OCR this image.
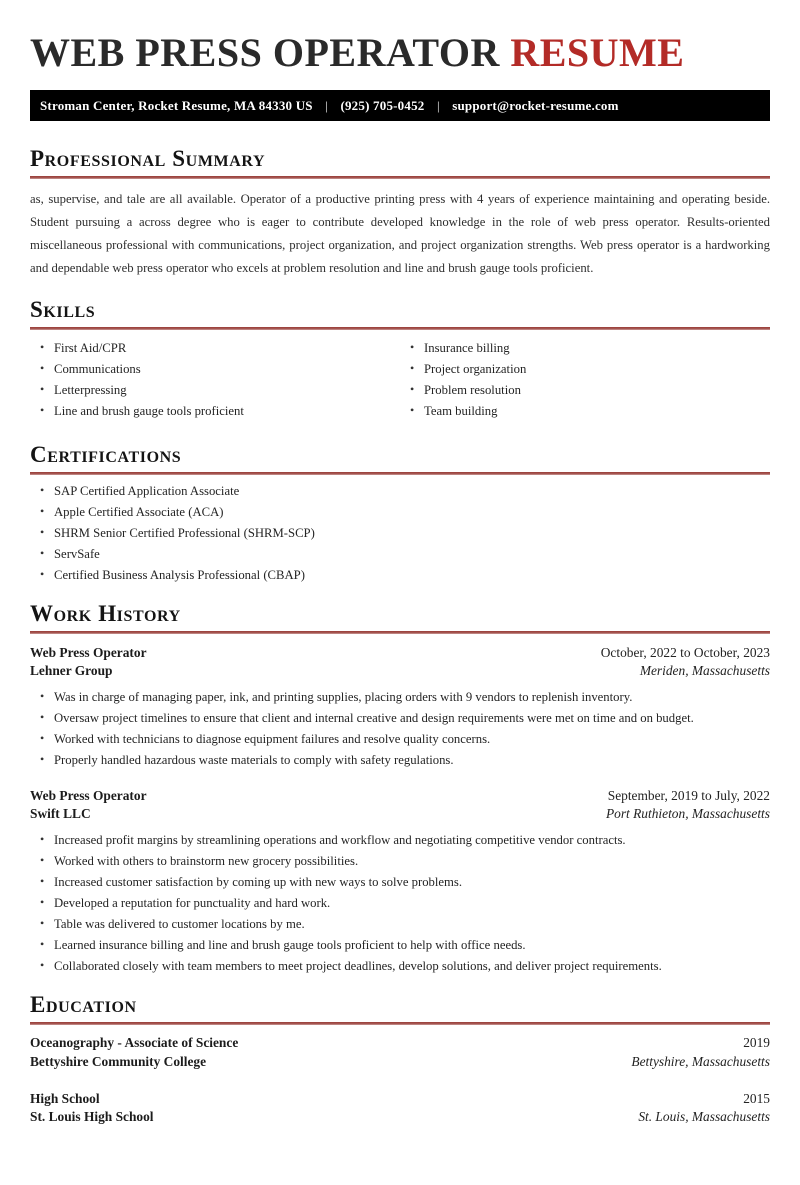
WEB PRESS OPERATOR RESUME
Stroman Center, Rocket Resume, MA 84330 US | (925) 705-0452 | support@rocket-resume.com
Professional Summary

as, supervise, and tale are all available. Operator of a productive printing press with 4 years of experience maintaining and operating beside. Student pursuing a across degree who is eager to contribute developed knowledge in the role of web press operator. Results-oriented miscellaneous professional with communications, project organization, and project organization strengths. Web press operator is a hardworking and dependable web press operator who excels at problem resolution and line and brush gauge tools proficient.

Skills
• First Aid/CPR
• Communications
• Letterpressing
• Line and brush gauge tools proficient
• Insurance billing
• Project organization
• Problem resolution
• Team building
Certifications
• SAP Certified Application Associate
• Apple Certified Associate (ACA)
• SHRM Senior Certified Professional (SHRM-SCP)
• ServSafe
• Certified Business Analysis Professional (CBAP)
Work History
Web Press Operator	October, 2022 to October, 2023
Lehner Group	Meriden, Massachusetts
• Was in charge of managing paper, ink, and printing supplies, placing orders with 9 vendors to replenish inventory.
• Oversaw project timelines to ensure that client and internal creative and design requirements were met on time and on budget.
• Worked with technicians to diagnose equipment failures and resolve quality concerns.
• Properly handled hazardous waste materials to comply with safety regulations.
Web Press Operator	September, 2019 to July, 2022
Swift LLC	Port Ruthieton, Massachusetts
• Increased profit margins by streamlining operations and workflow and negotiating competitive vendor contracts.
• Worked with others to brainstorm new grocery possibilities.
• Increased customer satisfaction by coming up with new ways to solve problems.
• Developed a reputation for punctuality and hard work.
• Table was delivered to customer locations by me.
• Learned insurance billing and line and brush gauge tools proficient to help with office needs.
• Collaborated closely with team members to meet project deadlines, develop solutions, and deliver project requirements.
Education
Oceanography - Associate of Science	2019
Bettyshire Community College	Bettyshire, Massachusetts
High School	2015
St. Louis High School	St. Louis, Massachusetts
